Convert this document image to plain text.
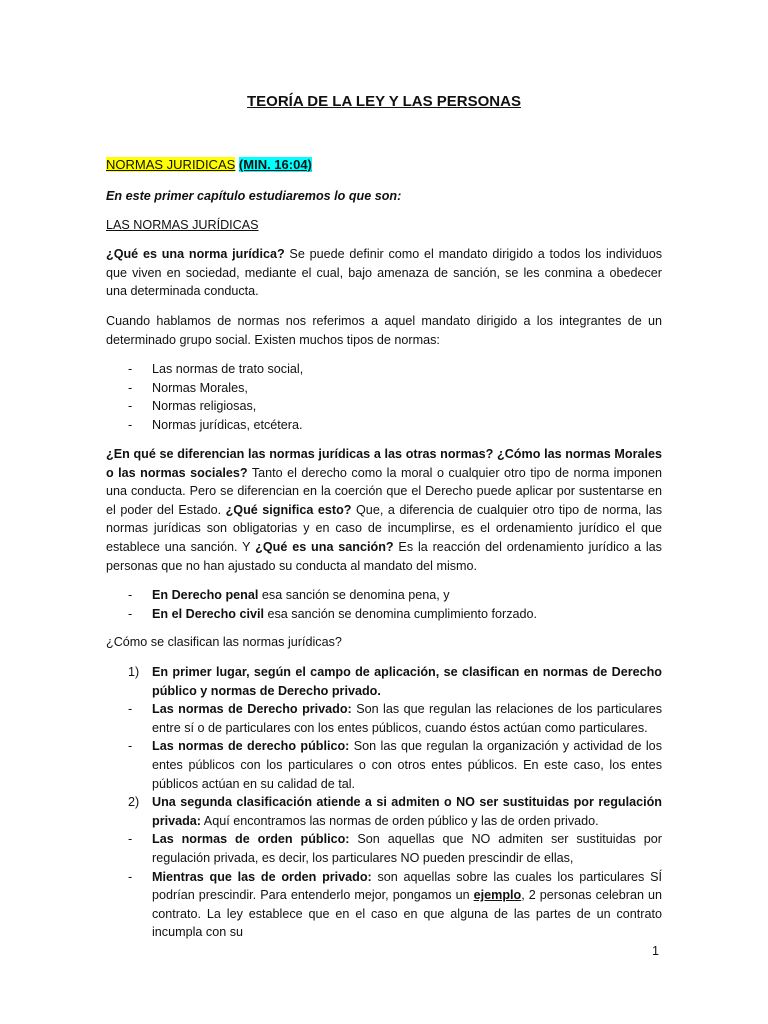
TEORÍA DE LA LEY Y LAS PERSONAS
NORMAS JURIDICAS (MIN. 16:04)
En este primer capítulo estudiaremos lo que son:
LAS NORMAS JURÍDICAS
¿Qué es una norma jurídica? Se puede definir como el mandato dirigido a todos los individuos que viven en sociedad, mediante el cual, bajo amenaza de sanción, se les conmina a obedecer una determinada conducta.
Cuando hablamos de normas nos referimos a aquel mandato dirigido a los integrantes de un determinado grupo social. Existen muchos tipos de normas:
- Las normas de trato social,
- Normas Morales,
- Normas religiosas,
- Normas jurídicas, etcétera.
¿En qué se diferencian las normas jurídicas a las otras normas? ¿Cómo las normas Morales o las normas sociales? Tanto el derecho como la moral o cualquier otro tipo de norma imponen una conducta. Pero se diferencian en la coerción que el Derecho puede aplicar por sustentarse en el poder del Estado. ¿Qué significa esto? Que, a diferencia de cualquier otro tipo de norma, las normas jurídicas son obligatorias y en caso de incumplirse, es el ordenamiento jurídico el que establece una sanción. Y ¿Qué es una sanción? Es la reacción del ordenamiento jurídico a las personas que no han ajustado su conducta al mandato del mismo.
- En Derecho penal esa sanción se denomina pena, y
- En el Derecho civil esa sanción se denomina cumplimiento forzado.
¿Cómo se clasifican las normas jurídicas?
1) En primer lugar, según el campo de aplicación, se clasifican en normas de Derecho público y normas de Derecho privado.
- Las normas de Derecho privado: Son las que regulan las relaciones de los particulares entre sí o de particulares con los entes públicos, cuando éstos actúan como particulares.
- Las normas de derecho público: Son las que regulan la organización y actividad de los entes públicos con los particulares o con otros entes públicos. En este caso, los entes públicos actúan en su calidad de tal.
2) Una segunda clasificación atiende a si admiten o NO ser sustituidas por regulación privada: Aquí encontramos las normas de orden público y las de orden privado.
- Las normas de orden público: Son aquellas que NO admiten ser sustituidas por regulación privada, es decir, los particulares NO pueden prescindir de ellas,
- Mientras que las de orden privado: son aquellas sobre las cuales los particulares SÍ podrían prescindir. Para entenderlo mejor, pongamos un ejemplo, 2 personas celebran un contrato. La ley establece que en el caso en que alguna de las partes de un contrato incumpla con su
1
